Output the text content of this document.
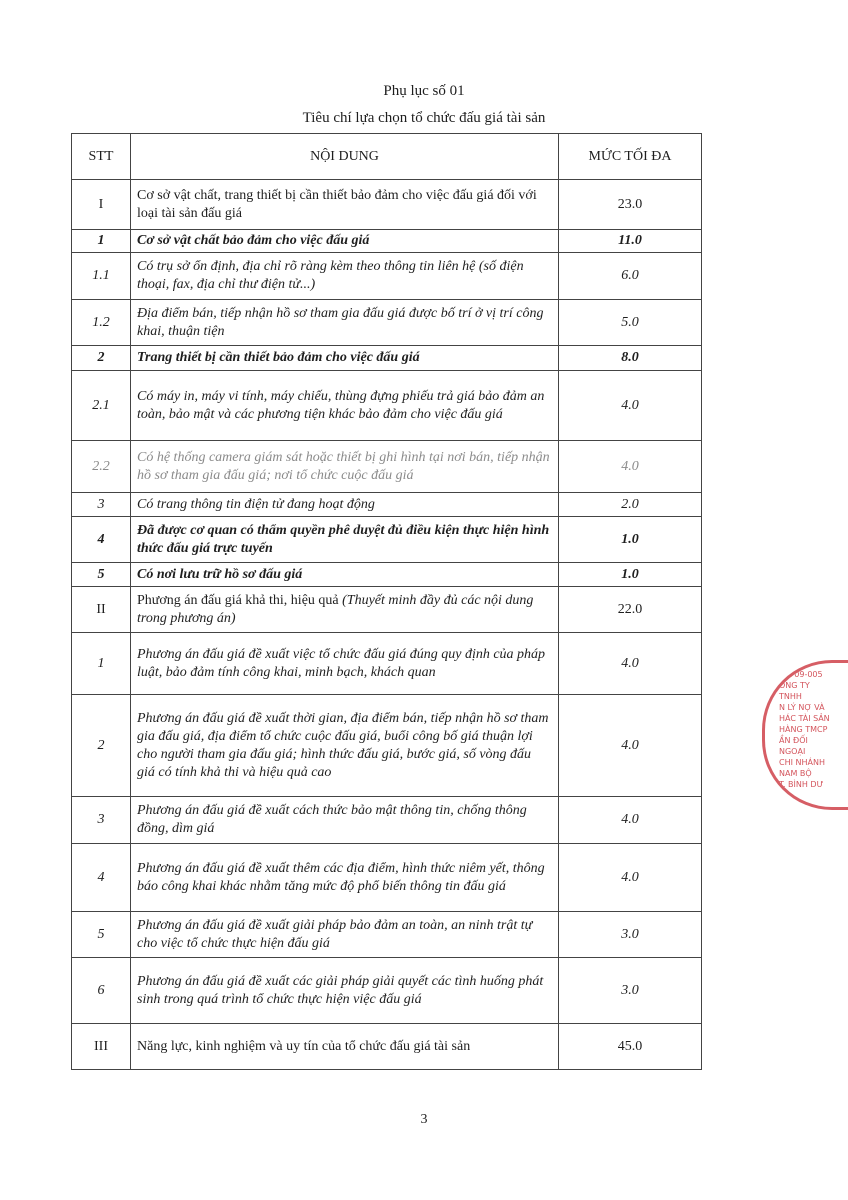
Phụ lục số 01
Tiêu chí lựa chọn tổ chức đấu giá tài sản
STT	NỘI DUNG	MỨC TỐI ĐA
I	Cơ sở vật chất, trang thiết bị cần thiết bảo đảm cho việc đấu giá đối với loại tài sản đấu giá	23.0
1	Cơ sở vật chất bảo đảm cho việc đấu giá	11.0
1.1	Có trụ sở ổn định, địa chỉ rõ ràng kèm theo thông tin liên hệ (số điện thoại, fax, địa chỉ thư điện tử...)	6.0
1.2	Địa điểm bán, tiếp nhận hồ sơ tham gia đấu giá được bố trí ở vị trí công khai, thuận tiện	5.0
2	Trang thiết bị cần thiết bảo đảm cho việc đấu giá	8.0
2.1	Có máy in, máy vi tính, máy chiếu, thùng đựng phiếu trả giá bảo đảm an toàn, bảo mật và các phương tiện khác bảo đảm cho việc đấu giá	4.0
2.2	Có hệ thống camera giám sát hoặc thiết bị ghi hình tại nơi bán, tiếp nhận hồ sơ tham gia đấu giá; nơi tổ chức cuộc đấu giá	4.0
3	Có trang thông tin điện tử đang hoạt động	2.0
4	Đã được cơ quan có thẩm quyền phê duyệt đủ điều kiện thực hiện hình thức đấu giá trực tuyến	1.0
5	Có nơi lưu trữ hồ sơ đấu giá	1.0
II	Phương án đấu giá khả thi, hiệu quả (Thuyết minh đầy đủ các nội dung trong phương án)	22.0
1	Phương án đấu giá đề xuất việc tổ chức đấu giá đúng quy định của pháp luật, bảo đảm tính công khai, minh bạch, khách quan	4.0
2	Phương án đấu giá đề xuất thời gian, địa điểm bán, tiếp nhận hồ sơ tham gia đấu giá, địa điểm tổ chức cuộc đấu giá, buổi công bố giá thuận lợi cho người tham gia đấu giá; hình thức đấu giá, bước giá, số vòng đấu giá có tính khả thi và hiệu quả cao	4.0
3	Phương án đấu giá đề xuất cách thức bảo mật thông tin, chống thông đồng, dìm giá	4.0
4	Phương án đấu giá đề xuất thêm các địa điểm, hình thức niêm yết, thông báo công khai khác nhằm tăng mức độ phổ biến thông tin đấu giá	4.0
5	Phương án đấu giá đề xuất giải pháp bảo đảm an toàn, an ninh trật tự cho việc tổ chức thực hiện đấu giá	3.0
6	Phương án đấu giá đề xuất các giải pháp giải quyết các tình huống phát sinh trong quá trình tổ chức thực hiện việc đấu giá	3.0
III	Năng lực, kinh nghiệm và uy tín của tổ chức đấu giá tài sản	45.0
01709-005
ÔNG TY
TNHH
N LÝ NỢ VÀ
HÁC TÀI SẢN
HÀNG TMCP
ẦN ĐỐI
NGOẠI
CHI NHÁNH
NAM BỘ
T. BÌNH DƯ
3
